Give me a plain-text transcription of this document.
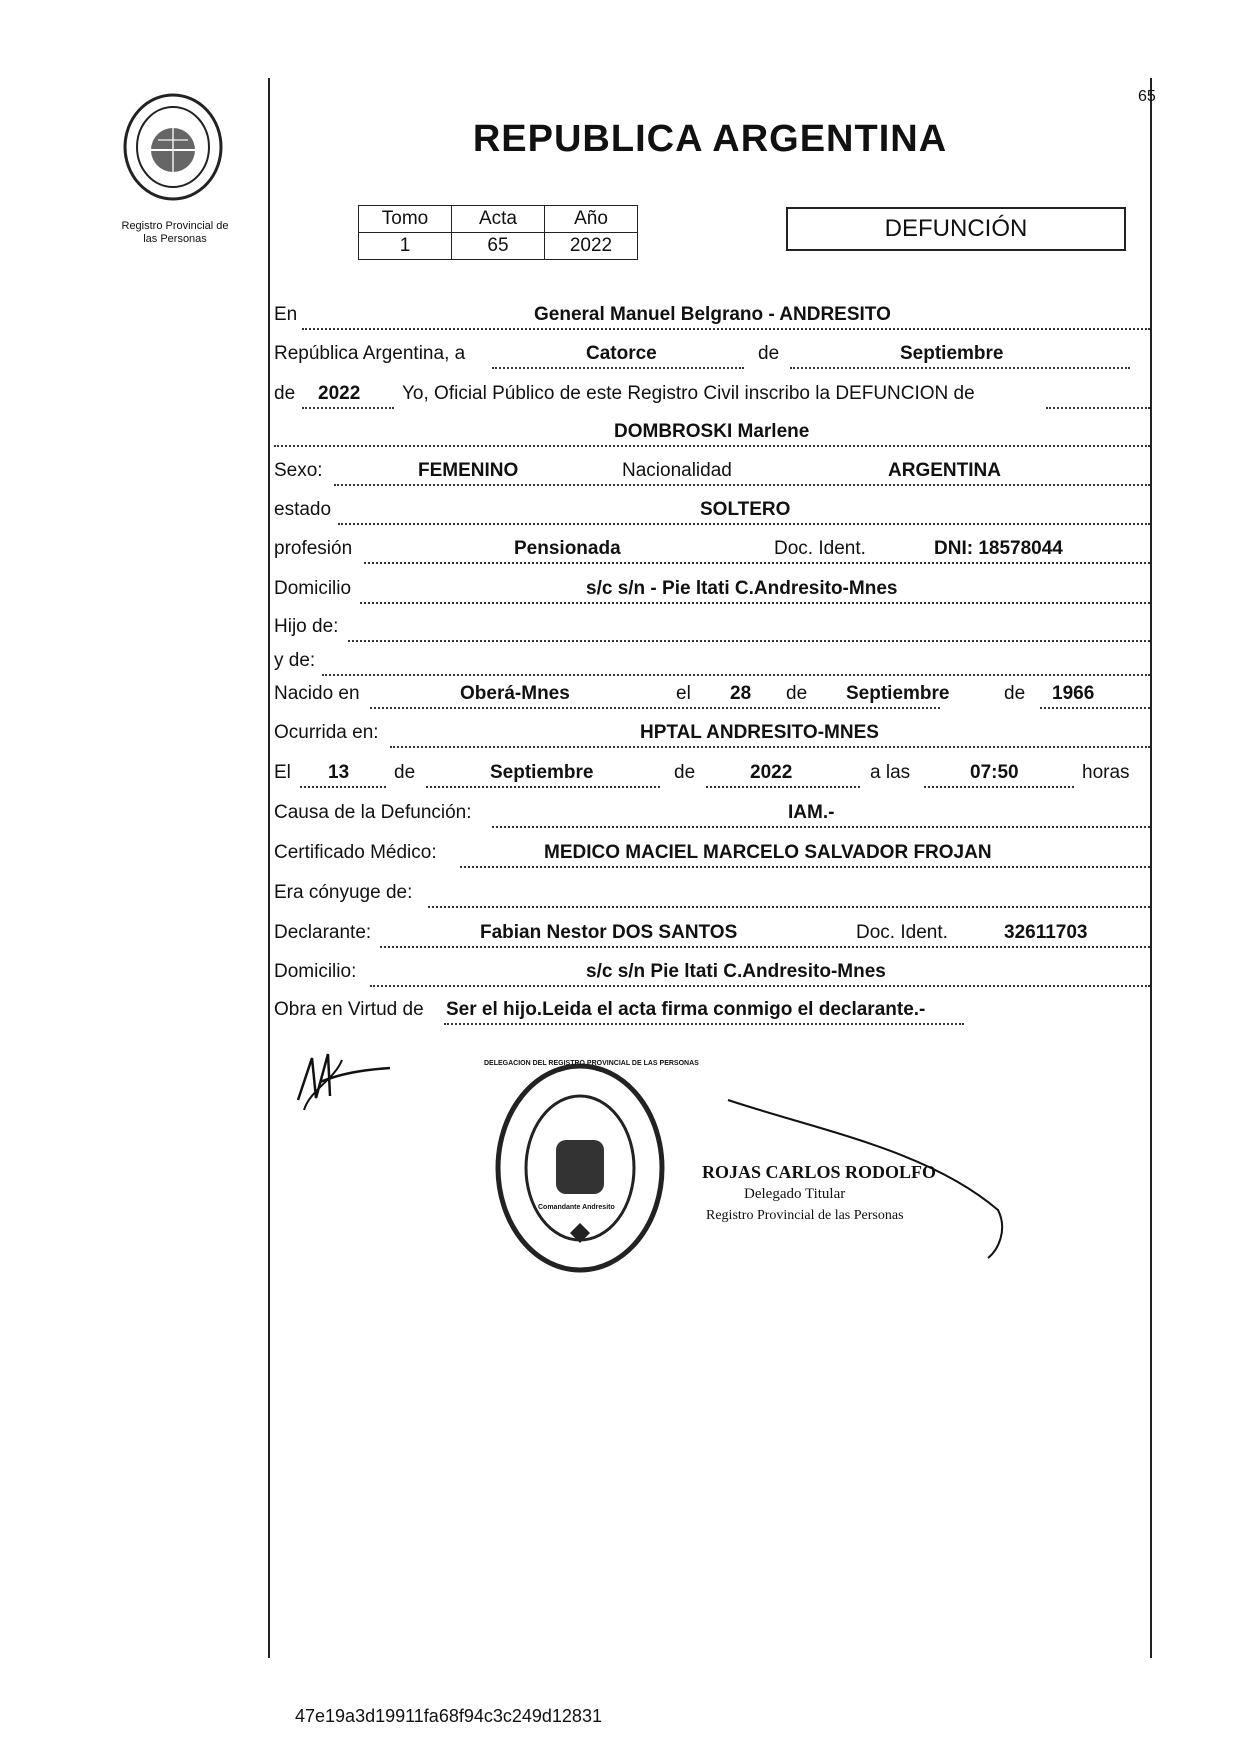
Registro Provincial de
las Personas
65
REPUBLICA ARGENTINA
Tomo	Acta	Año
1	65	2022
DEFUNCIÓN
En	General Manuel Belgrano - ANDRESITO
República Argentina, a	Catorce	de	Septiembre
de 2022 Yo, Oficial Público de este Registro Civil inscribo la DEFUNCION de
DOMBROSKI Marlene
Sexo:	FEMENINO	Nacionalidad	ARGENTINA
estado	SOLTERO
profesión	Pensionada	Doc. Ident.	DNI: 18578044
Domicilio	s/c s/n - Pie ltati C.Andresito-Mnes
Hijo de:
y de:
Nacido en	Oberá-Mnes	el 28 de Septiembre	de 1966
Ocurrida en:	HPTAL ANDRESITO-MNES
El 13 de	Septiembre	de	2022	a las	07:50	horas
Causa de la Defunción:	IAM.-
Certificado Médico:	MEDICO MACIEL MARCELO SALVADOR FROJAN
Era cónyuge de:
Declarante:	Fabian Nestor DOS SANTOS	Doc. Ident.	32611703
Domicilio:	s/c s/n Pie ltati C.Andresito-Mnes
Obra en Virtud de Ser el hijo.Leida el acta firma conmigo el declarante.-
DELEGACION DEL REGISTRO PROVINCIAL DE LAS PERSONAS
Comandante Andresito
ROJAS CARLOS RODOLFO
Delegado Titular
Registro Provincial de las Personas
47e19a3d19911fa68f94c3c249d12831
